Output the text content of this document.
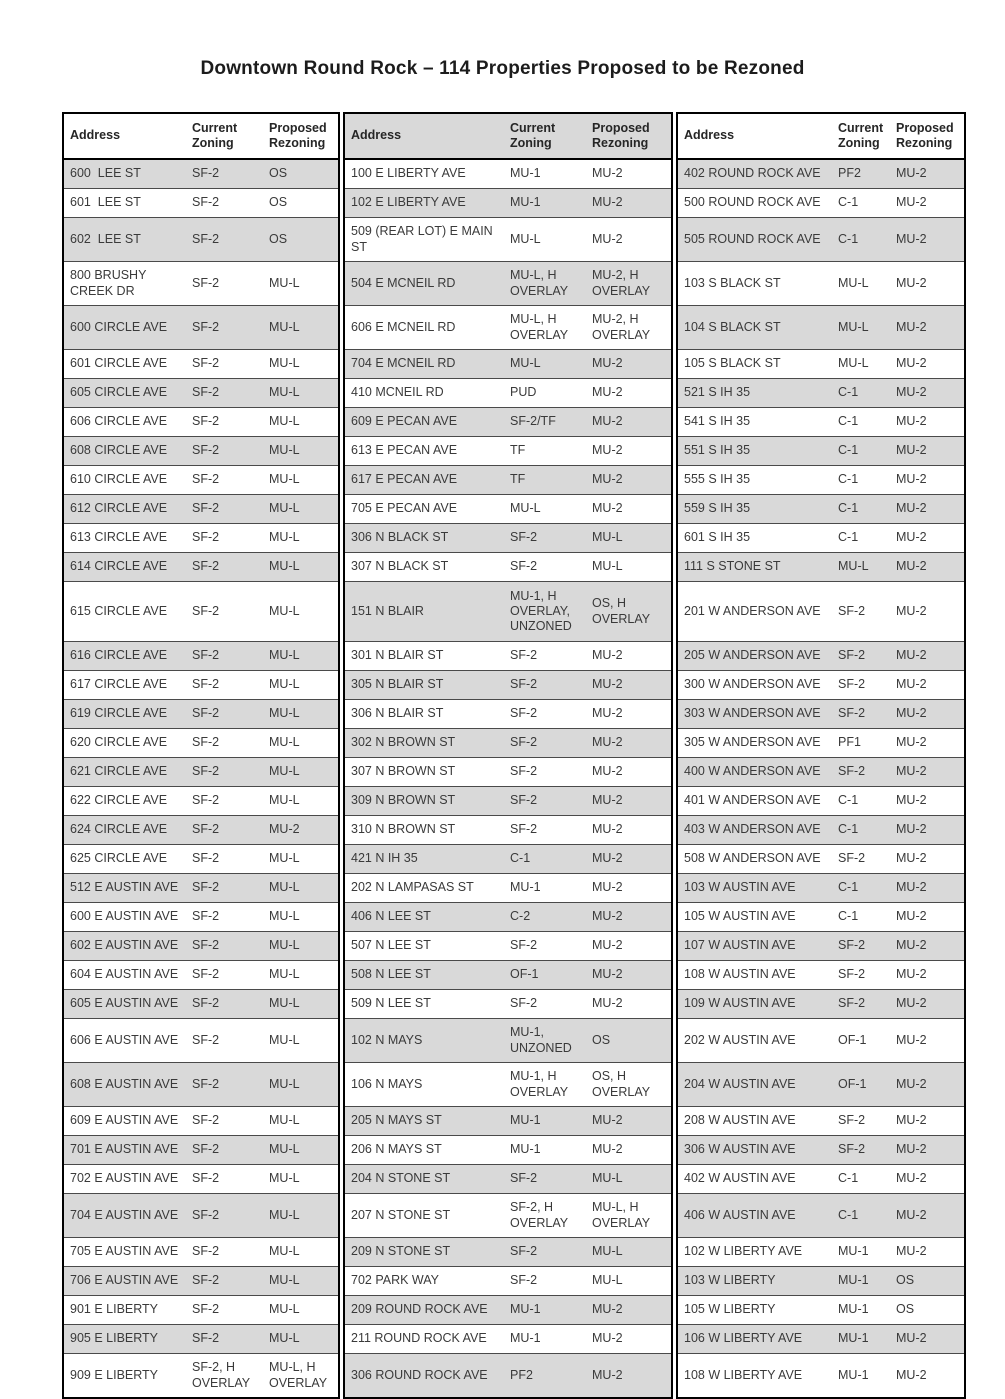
Downtown Round Rock – 114 Properties Proposed to be Rezoned
Address	Current Zoning	Proposed Rezoning
600  LEE ST	SF-2	OS
601  LEE ST	SF-2	OS
602  LEE ST	SF-2	OS
800 BRUSHY CREEK DR	SF-2	MU-L
600 CIRCLE AVE	SF-2	MU-L
601 CIRCLE AVE	SF-2	MU-L
605 CIRCLE AVE	SF-2	MU-L
606 CIRCLE AVE	SF-2	MU-L
608 CIRCLE AVE	SF-2	MU-L
610 CIRCLE AVE	SF-2	MU-L
612 CIRCLE AVE	SF-2	MU-L
613 CIRCLE AVE	SF-2	MU-L
614 CIRCLE AVE	SF-2	MU-L
615 CIRCLE AVE	SF-2	MU-L
616 CIRCLE AVE	SF-2	MU-L
617 CIRCLE AVE	SF-2	MU-L
619 CIRCLE AVE	SF-2	MU-L
620 CIRCLE AVE	SF-2	MU-L
621 CIRCLE AVE	SF-2	MU-L
622 CIRCLE AVE	SF-2	MU-L
624 CIRCLE AVE	SF-2	MU-2
625 CIRCLE AVE	SF-2	MU-L
512 E AUSTIN AVE	SF-2	MU-L
600 E AUSTIN AVE	SF-2	MU-L
602 E AUSTIN AVE	SF-2	MU-L
604 E AUSTIN AVE	SF-2	MU-L
605 E AUSTIN AVE	SF-2	MU-L
606 E AUSTIN AVE	SF-2	MU-L
608 E AUSTIN AVE	SF-2	MU-L
609 E AUSTIN AVE	SF-2	MU-L
701 E AUSTIN AVE	SF-2	MU-L
702 E AUSTIN AVE	SF-2	MU-L
704 E AUSTIN AVE	SF-2	MU-L
705 E AUSTIN AVE	SF-2	MU-L
706 E AUSTIN AVE	SF-2	MU-L
901 E LIBERTY	SF-2	MU-L
905 E LIBERTY	SF-2	MU-L
909 E LIBERTY	SF-2, H OVERLAY	MU-L, H OVERLAY
Address	Current Zoning	Proposed Rezoning
100 E LIBERTY AVE	MU-1	MU-2
102 E LIBERTY AVE	MU-1	MU-2
509 (REAR LOT) E MAIN ST	MU-L	MU-2
504 E MCNEIL RD	MU-L, H OVERLAY	MU-2, H OVERLAY
606 E MCNEIL RD	MU-L, H OVERLAY	MU-2, H OVERLAY
704 E MCNEIL RD	MU-L	MU-2
410 MCNEIL RD	PUD	MU-2
609 E PECAN AVE	SF-2/TF	MU-2
613 E PECAN AVE	TF	MU-2
617 E PECAN AVE	TF	MU-2
705 E PECAN AVE	MU-L	MU-2
306 N BLACK ST	SF-2	MU-L
307 N BLACK ST	SF-2	MU-L
151 N BLAIR	MU-1, H OVERLAY, UNZONED	OS, H OVERLAY
301 N BLAIR ST	SF-2	MU-2
305 N BLAIR ST	SF-2	MU-2
306 N BLAIR ST	SF-2	MU-2
302 N BROWN ST	SF-2	MU-2
307 N BROWN ST	SF-2	MU-2
309 N BROWN ST	SF-2	MU-2
310 N BROWN ST	SF-2	MU-2
421 N IH 35	C-1	MU-2
202 N LAMPASAS ST	MU-1	MU-2
406 N LEE ST	C-2	MU-2
507 N LEE ST	SF-2	MU-2
508 N LEE ST	OF-1	MU-2
509 N LEE ST	SF-2	MU-2
102 N MAYS	MU-1, UNZONED	OS
106 N MAYS	MU-1, H OVERLAY	OS, H OVERLAY
205 N MAYS ST	MU-1	MU-2
206 N MAYS ST	MU-1	MU-2
204 N STONE ST	SF-2	MU-L
207 N STONE ST	SF-2, H OVERLAY	MU-L, H OVERLAY
209 N STONE ST	SF-2	MU-L
702 PARK WAY	SF-2	MU-L
209 ROUND ROCK AVE	MU-1	MU-2
211 ROUND ROCK AVE	MU-1	MU-2
306 ROUND ROCK AVE	PF2	MU-2
Address	Current Zoning	Proposed Rezoning
402 ROUND ROCK AVE	PF2	MU-2
500 ROUND ROCK AVE	C-1	MU-2
505 ROUND ROCK AVE	C-1	MU-2
103 S BLACK ST	MU-L	MU-2
104 S BLACK ST	MU-L	MU-2
105 S BLACK ST	MU-L	MU-2
521 S IH 35	C-1	MU-2
541 S IH 35	C-1	MU-2
551 S IH 35	C-1	MU-2
555 S IH 35	C-1	MU-2
559 S IH 35	C-1	MU-2
601 S IH 35	C-1	MU-2
111 S STONE ST	MU-L	MU-2
201 W ANDERSON AVE	SF-2	MU-2
205 W ANDERSON AVE	SF-2	MU-2
300 W ANDERSON AVE	SF-2	MU-2
303 W ANDERSON AVE	SF-2	MU-2
305 W ANDERSON AVE	PF1	MU-2
400 W ANDERSON AVE	SF-2	MU-2
401 W ANDERSON AVE	C-1	MU-2
403 W ANDERSON AVE	C-1	MU-2
508 W ANDERSON AVE	SF-2	MU-2
103 W AUSTIN AVE	C-1	MU-2
105 W AUSTIN AVE	C-1	MU-2
107 W AUSTIN AVE	SF-2	MU-2
108 W AUSTIN AVE	SF-2	MU-2
109 W AUSTIN AVE	SF-2	MU-2
202 W AUSTIN AVE	OF-1	MU-2
204 W AUSTIN AVE	OF-1	MU-2
208 W AUSTIN AVE	SF-2	MU-2
306 W AUSTIN AVE	SF-2	MU-2
402 W AUSTIN AVE	C-1	MU-2
406 W AUSTIN AVE	C-1	MU-2
102 W LIBERTY AVE	MU-1	MU-2
103 W LIBERTY	MU-1	OS
105 W LIBERTY	MU-1	OS
106 W LIBERTY AVE	MU-1	MU-2
108 W LIBERTY AVE	MU-1	MU-2
